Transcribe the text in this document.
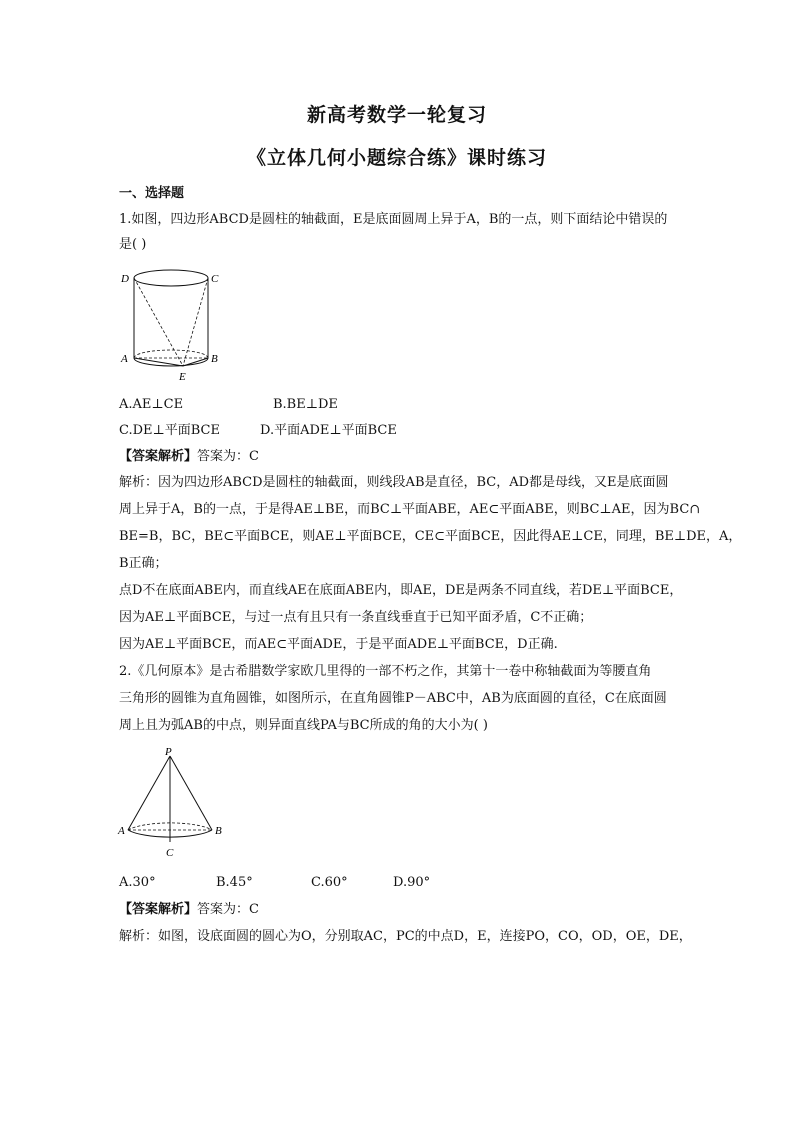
新高考数学一轮复习
《立体几何小题综合练》课时练习
一、选择题
1.如图，四边形ABCD是圆柱的轴截面，E是底面圆周上异于A，B的一点，则下面结论中错误的
是( )
D	C
A	B
E
A.AE⊥CE	B.BE⊥DE
C.DE⊥平面BCE	D.平面ADE⊥平面BCE
【答案解析】答案为：C
解析：因为四边形ABCD是圆柱的轴截面，则线段AB是直径，BC，AD都是母线，又E是底面圆
周上异于A，B的一点，于是得AE⊥BE，而BC⊥平面ABE，AE⊂平面ABE，则BC⊥AE，因为BC∩
BE=B，BC，BE⊂平面BCE，则AE⊥平面BCE，CE⊂平面BCE，因此得AE⊥CE，同理，BE⊥DE，A，
B正确；
点D不在底面ABE内，而直线AE在底面ABE内，即AE，DE是两条不同直线，若DE⊥平面BCE，
因为AE⊥平面BCE，与过一点有且只有一条直线垂直于已知平面矛盾，C不正确；
因为AE⊥平面BCE，而AE⊂平面ADE，于是平面ADE⊥平面BCE，D正确.
2.《几何原本》是古希腊数学家欧几里得的一部不朽之作，其第十一卷中称轴截面为等腰直角
三角形的圆锥为直角圆锥，如图所示，在直角圆锥P－ABC中，AB为底面圆的直径，C在底面圆
周上且为弧AB的中点，则异面直线PA与BC所成的角的大小为( )
P
A	B
C
A.30°	B.45°	C.60°	D.90°
【答案解析】答案为：C
解析：如图，设底面圆的圆心为O，分别取AC，PC的中点D，E，连接PO，CO，OD，OE，DE，
